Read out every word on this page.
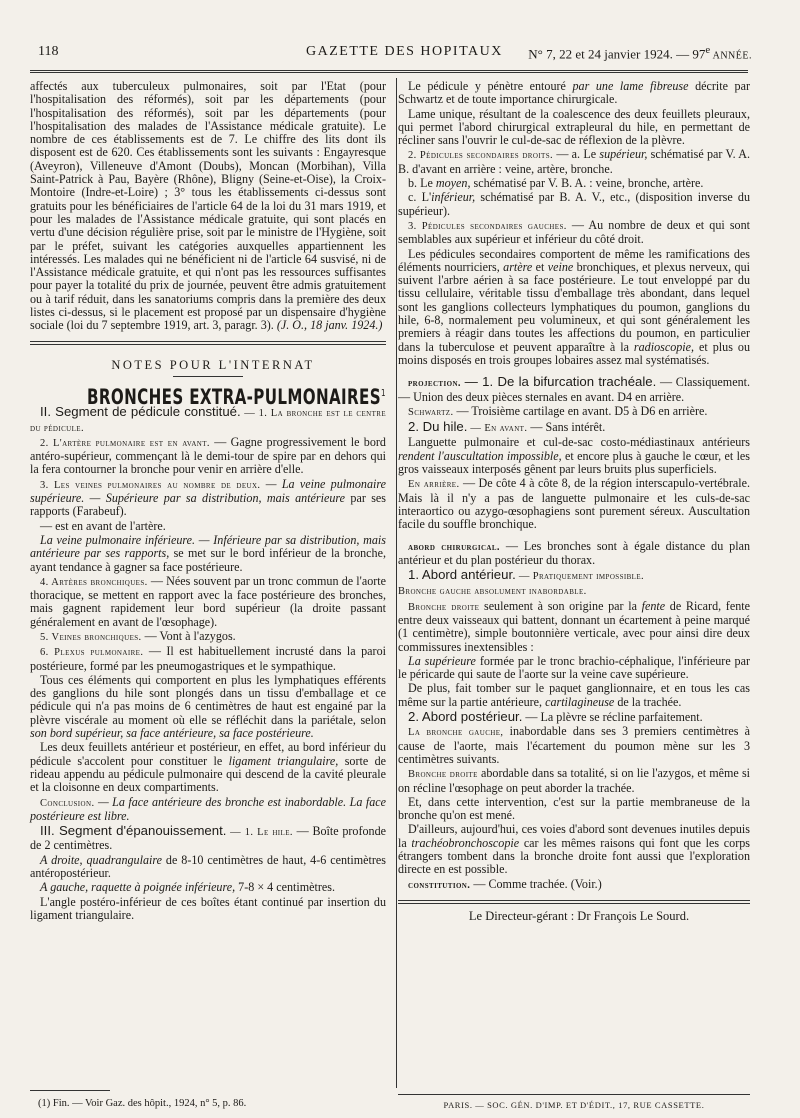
118	GAZETTE DES HOPITAUX N° 7, 22 et 24 janvier 1924. — 97e ANNÉE.

affectés aux tuberculeux pulmonaires, soit par l'Etat (pour l'hospitalisation des réformés), soit par les départements (pour l'hospitalisation des réformés), soit par les départements (pour l'hospitalisation des malades de l'Assistance médicale gratuite). Le nombre de ces établissements est de 7. Le chiffre des lits dont ils disposent est de 620. Ces établissements sont les suivants : Engayresque (Aveyron), Villeneuve d'Amont (Doubs), Moncan (Morbihan), Villa Saint-Patrick à Pau, Bayère (Rhône), Bligny (Seine-et-Oise), la Croix-Montoire (Indre-et-Loire) ; 3° tous les établissements ci-dessus sont gratuits pour les bénéficiaires de l'article 64 de la loi du 31 mars 1919, et pour les malades de l'Assistance médicale gratuite, qui sont placés en vertu d'une décision régulière prise, soit par le ministre de l'Hygiène, soit par le préfet, suivant les catégories auxquelles appartiennent les intéressés. Les malades qui ne bénéficient ni de l'article 64 susvisé, ni de l'Assistance médicale gratuite, et qui n'ont pas les ressources suffisantes pour payer la totalité du prix de journée, peuvent être admis gratuitement ou à tarif réduit, dans les sanatoriums compris dans la première des deux listes ci-dessus, si le placement est proposé par un dispensaire d'hygiène sociale (loi du 7 septembre 1919, art. 3, paragr. 3). (J. O., 18 janv. 1924.)

NOTES POUR L'INTERNAT

BRONCHES EXTRA-PULMONAIRES$^1$

II. Segment de pédicule constitué. — 1. La bronche est le centre du pédicule.

2. L'artère pulmonaire est en avant. — Gagne progressivement le bord antéro-supérieur, commençant là le demi-tour de spire par en dehors qui la fera contourner la bronche pour venir en arrière d'elle.

3. Les veines pulmonaires au nombre de deux. — La veine pulmonaire supérieure. — Supérieure par sa distribution, mais antérieure par ses rapports (Farabeuf).

— est en avant de l'artère.

La veine pulmonaire inférieure. — Inférieure par sa distribution, mais antérieure par ses rapports, se met sur le bord inférieur de la bronche, ayant tendance à gagner sa face postérieure.

4. Artères bronchiques. — Nées souvent par un tronc commun de l'aorte thoracique, se mettent en rapport avec la face postérieure des bronches, mais gagnent rapidement leur bord supérieur (la droite passant généralement en avant de l'œsophage).

5. Veines bronchiques. — Vont à l'azygos.

6. Plexus pulmonaire. — Il est habituellement incrusté dans la paroi postérieure, formé par les pneumogastriques et le sympathique.

Tous ces éléments qui comportent en plus les lymphatiques efférents des ganglions du hile sont plongés dans un tissu d'emballage et ce pédicule qui n'a pas moins de 6 centimètres de haut est engainé par la plèvre viscérale au moment où elle se réfléchit dans la pariétale, selon son bord supérieur, sa face antérieure, sa face postérieure.

Les deux feuillets antérieur et postérieur, en effet, au bord inférieur du pédicule s'accolent pour constituer le ligament triangulaire, sorte de rideau appendu au pédicule pulmonaire qui descend de la cavité pleurale et la cloisonne en deux compartiments.

Conclusion. — La face antérieure des bronche est inabordable. La face postérieure est libre.

III. Segment d'épanouissement. — 1. Le hile. — Boîte profonde de 2 centimètres.

A droite, quadrangulaire de 8-10 centimètres de haut, 4-6 centimètres antéropostérieur.

A gauche, raquette à poignée inférieure, 7-8 × 4 centimètres.

L'angle postéro-inférieur de ces boîtes étant continué par insertion du ligament triangulaire.

(1) Fin. — Voir Gaz. des hôpit., 1924, n° 5, p. 86.

Le pédicule y pénètre entouré par une lame fibreuse décrite par Schwartz et de toute importance chirurgicale.

Lame unique, résultant de la coalescence des deux feuillets pleuraux, qui permet l'abord chirurgical extrapleural du hile, en permettant de récliner sans l'ouvrir le cul-de-sac de réflexion de la plèvre.

2. Pédicules secondaires droits. — a. Le supérieur, schématisé par V. A. B. d'avant en arrière : veine, artère, bronche.

b. Le moyen, schématisé par V. B. A. : veine, bronche, artère.

c. L'inférieur, schématisé par B. A. V., etc., (disposition inverse du supérieur).

3. Pédicules secondaires gauches. — Au nombre de deux et qui sont semblables aux supérieur et inférieur du côté droit.

Les pédicules secondaires comportent de même les ramifications des éléments nourriciers, artère et veine bronchiques, et plexus nerveux, qui suivent l'arbre aérien à sa face postérieure. Le tout enveloppé par du tissu cellulaire, véritable tissu d'emballage très abondant, dans lequel sont les ganglions collecteurs lymphatiques du poumon, ganglions du hile, 6-8, normalement peu volumineux, et qui sont généralement les premiers à réagir dans toutes les affections du poumon, en particulier dans la tuberculose et peuvent apparaître à la radioscopie, et plus ou moins disposés en trois groupes lobaires assez mal systématisés.

projection. — 1. De la bifurcation trachéale. — Classiquement. — Union des deux pièces sternales en avant. D4 en arrière.

Schwartz. — Troisième cartilage en avant. D5 à D6 en arrière.

2. Du hile. — En avant. — Sans intérêt.

Languette pulmonaire et cul-de-sac costo-médiastinaux antérieurs rendent l'auscultation impossible, et encore plus à gauche le cœur, et les gros vaisseaux interposés gênent par leurs bruits plus superficiels.

En arrière. — De côte 4 à côte 8, de la région interscapulo-vertébrale. Mais là il n'y a pas de languette pulmonaire et les culs-de-sac interaortico ou azygo-œsophagiens sont purement séreux. Auscultation facile du souffle bronchique.

abord chirurgical. — Les bronches sont à égale distance du plan antérieur et du plan postérieur du thorax.

1. Abord antérieur. — Pratiquement impossible.

Bronche gauche absolument inabordable.

Bronche droite seulement à son origine par la fente de Ricard, fente entre deux vaisseaux qui battent, donnant un écartement à peine marqué (1 centimètre), simple boutonnière verticale, avec pour ainsi dire deux commissures inextensibles :

La supérieure formée par le tronc brachio-céphalique, l'inférieure par le péricarde qui saute de l'aorte sur la veine cave supérieure.

De plus, fait tomber sur le paquet ganglionnaire, et en tous les cas même sur la partie antérieure, cartilagineuse de la trachée.

2. Abord postérieur. — La plèvre se récline parfaitement.

La bronche gauche, inabordable dans ses 3 premiers centimètres à cause de l'aorte, mais l'écartement du poumon mène sur les 3 centimètres suivants.

Bronche droite abordable dans sa totalité, si on lie l'azygos, et même si on récline l'œsophage on peut aborder la trachée.

Et, dans cette intervention, c'est sur la partie membraneuse de la bronche qu'on est mené.

D'ailleurs, aujourd'hui, ces voies d'abord sont devenues inutiles depuis la trachéobronchoscopie car les mêmes raisons qui font que les corps étrangers tombent dans la bronche droite font aussi que l'exploration directe en est possible.

constitution. — Comme trachée. (Voir.)

Le Directeur-gérant : Dr François Le Sourd.

PARIS. — SOC. GÉN. D'IMP. ET D'ÉDIT., 17, RUE CASSETTE.
